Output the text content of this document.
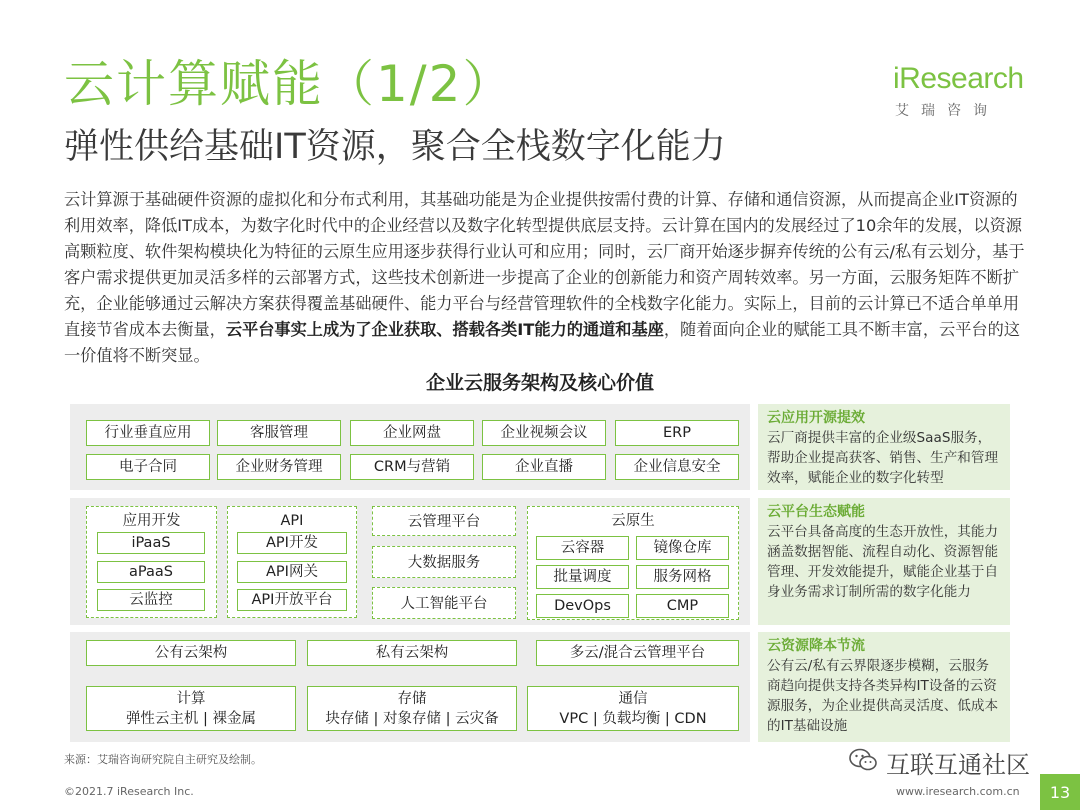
云计算赋能（1/2）
弹性供给基础IT资源，聚合全栈数字化能力
iResearch
艾瑞咨询
云计算源于基础硬件资源的虚拟化和分布式利用，其基础功能是为企业提供按需付费的计算、存储和通信资源，从而提高企业IT资源的利用效率，降低IT成本，为数字化时代中的企业经营以及数字化转型提供底层支持。云计算在国内的发展经过了10余年的发展，以资源高颗粒度、软件架构模块化为特征的云原生应用逐步获得行业认可和应用；同时，云厂商开始逐步摒弃传统的公有云/私有云划分，基于客户需求提供更加灵活多样的云部署方式，这些技术创新进一步提高了企业的创新能力和资产周转效率。另一方面，云服务矩阵不断扩充，企业能够通过云解决方案获得覆盖基础硬件、能力平台与经营管理软件的全栈数字化能力。实际上，目前的云计算已不适合单单用直接节省成本去衡量，云平台事实上成为了企业获取、搭载各类IT能力的通道和基座，随着面向企业的赋能工具不断丰富，云平台的这一价值将不断突显。
企业云服务架构及核心价值
行业垂直应用	客服管理	企业网盘	企业视频会议	ERP
电子合同	企业财务管理	CRM与营销	企业直播	企业信息安全
应用开发
iPaaS
aPaaS
云监控
API
API开发
API网关
API开放平台
云管理平台
大数据服务
人工智能平台
云原生
云容器	镜像仓库
批量调度	服务网格
DevOps	CMP
公有云架构	私有云架构	多云/混合云管理平台
计算
弹性云主机 | 裸金属
存储
块存储 | 对象存储 | 云灾备
通信
VPC | 负载均衡 | CDN
云应用开源提效
云厂商提供丰富的企业级SaaS服务，帮助企业提高获客、销售、生产和管理效率，赋能企业的数字化转型
云平台生态赋能
云平台具备高度的生态开放性，其能力涵盖数据智能、流程自动化、资源智能管理、开发效能提升，赋能企业基于自身业务需求订制所需的数字化能力
云资源降本节流
公有云/私有云界限逐步模糊，云服务商趋向提供支持各类异构IT设备的云资源服务，为企业提供高灵活度、低成本的IT基础设施
来源：艾瑞咨询研究院自主研究及绘制。	互联互通社区
©2021.7 iResearch Inc.	www.iresearch.com.cn	13
